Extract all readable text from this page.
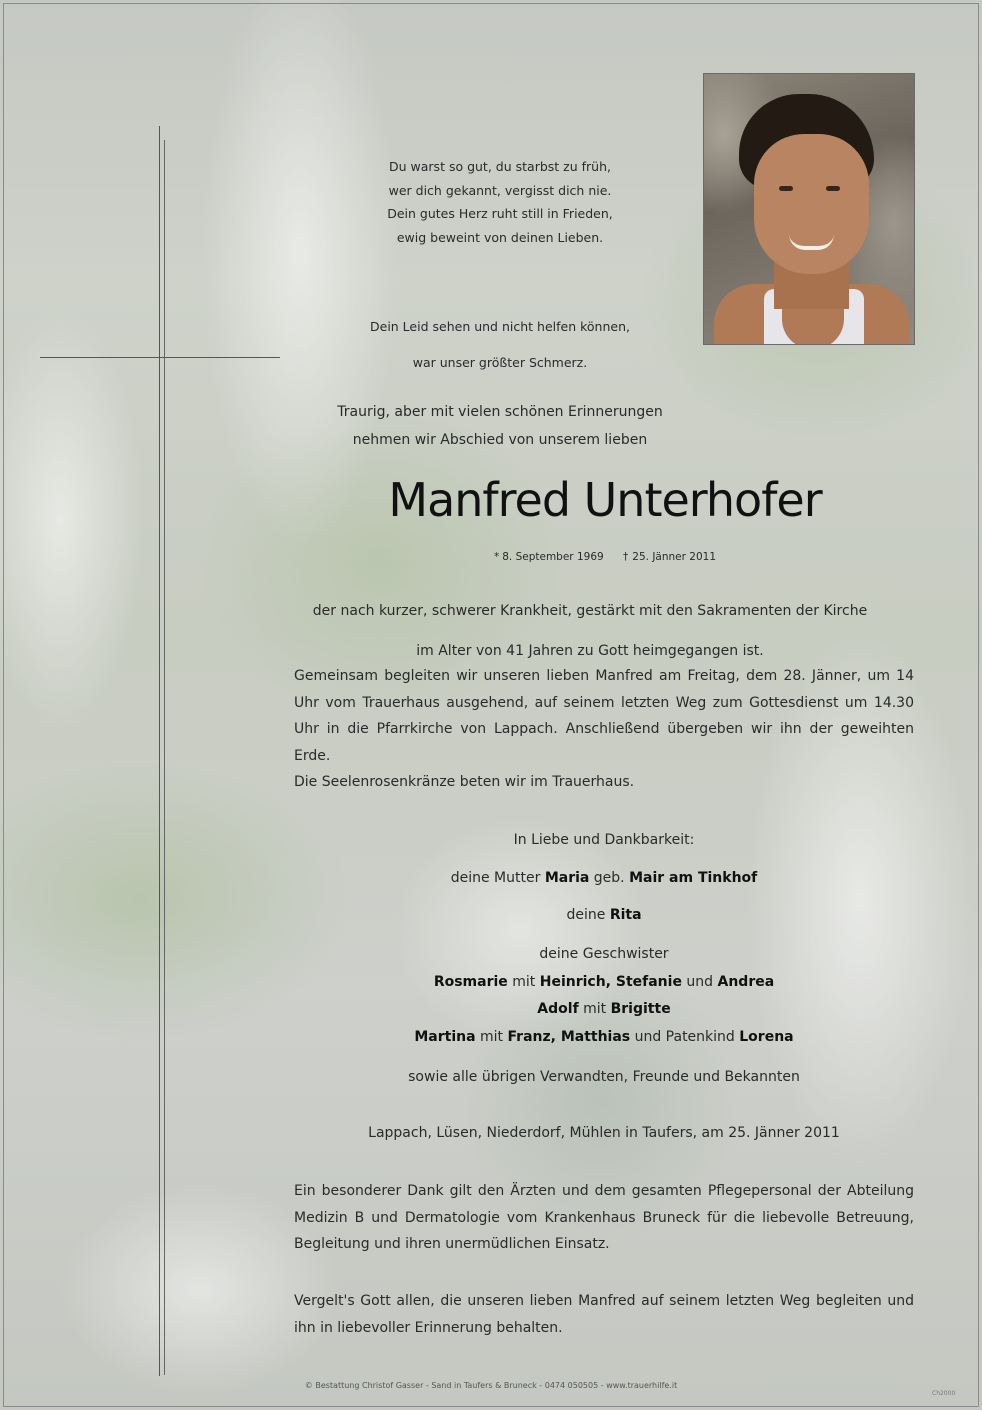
Du warst so gut, du starbst zu früh,

wer dich gekannt, vergisst dich nie.

Dein gutes Herz ruht still in Frieden,

ewig beweint von deinen Lieben.

Dein Leid sehen und nicht helfen können,

war unser größter Schmerz.

Traurig, aber mit vielen schönen Erinnerungen

nehmen wir Abschied von unserem lieben

Manfred Unterhofer
* 8. September 1969 † 25. Jänner 2011

der nach kurzer, schwerer Krankheit, gestärkt mit den Sakramenten der Kirche

im Alter von 41 Jahren zu Gott heimgegangen ist.

Gemeinsam begleiten wir unseren lieben Manfred am Freitag, dem 28. Jänner, um 14 Uhr vom Trauerhaus ausgehend, auf seinem letzten Weg zum Gottesdienst um 14.30 Uhr in die Pfarrkirche von Lappach. Anschließend übergeben wir ihn der geweihten Erde.

Die Seelenrosenkränze beten wir im Trauerhaus.

In Liebe und Dankbarkeit:
deine Mutter Maria geb. Mair am Tinkhof
deine Rita
deine Geschwister
Rosmarie mit Heinrich, Stefanie und Andrea
Adolf mit Brigitte
Martina mit Franz, Matthias und Patenkind Lorena
sowie alle übrigen Verwandten, Freunde und Bekannten
Lappach, Lüsen, Niederdorf, Mühlen in Taufers, am 25. Jänner 2011

Ein besonderer Dank gilt den Ärzten und dem gesamten Pflegepersonal der Abteilung Medizin B und Dermatologie vom Krankenhaus Bruneck für die liebevolle Betreuung, Begleitung und ihren unermüdlichen Einsatz.

Vergelt's Gott allen, die unseren lieben Manfred auf seinem letzten Weg begleiten und ihn in liebevoller Erinnerung behalten.

© Bestattung Christof Gasser - Sand in Taufers & Bruneck - 0474 050505 - www.trauerhilfe.it
Ch2000
